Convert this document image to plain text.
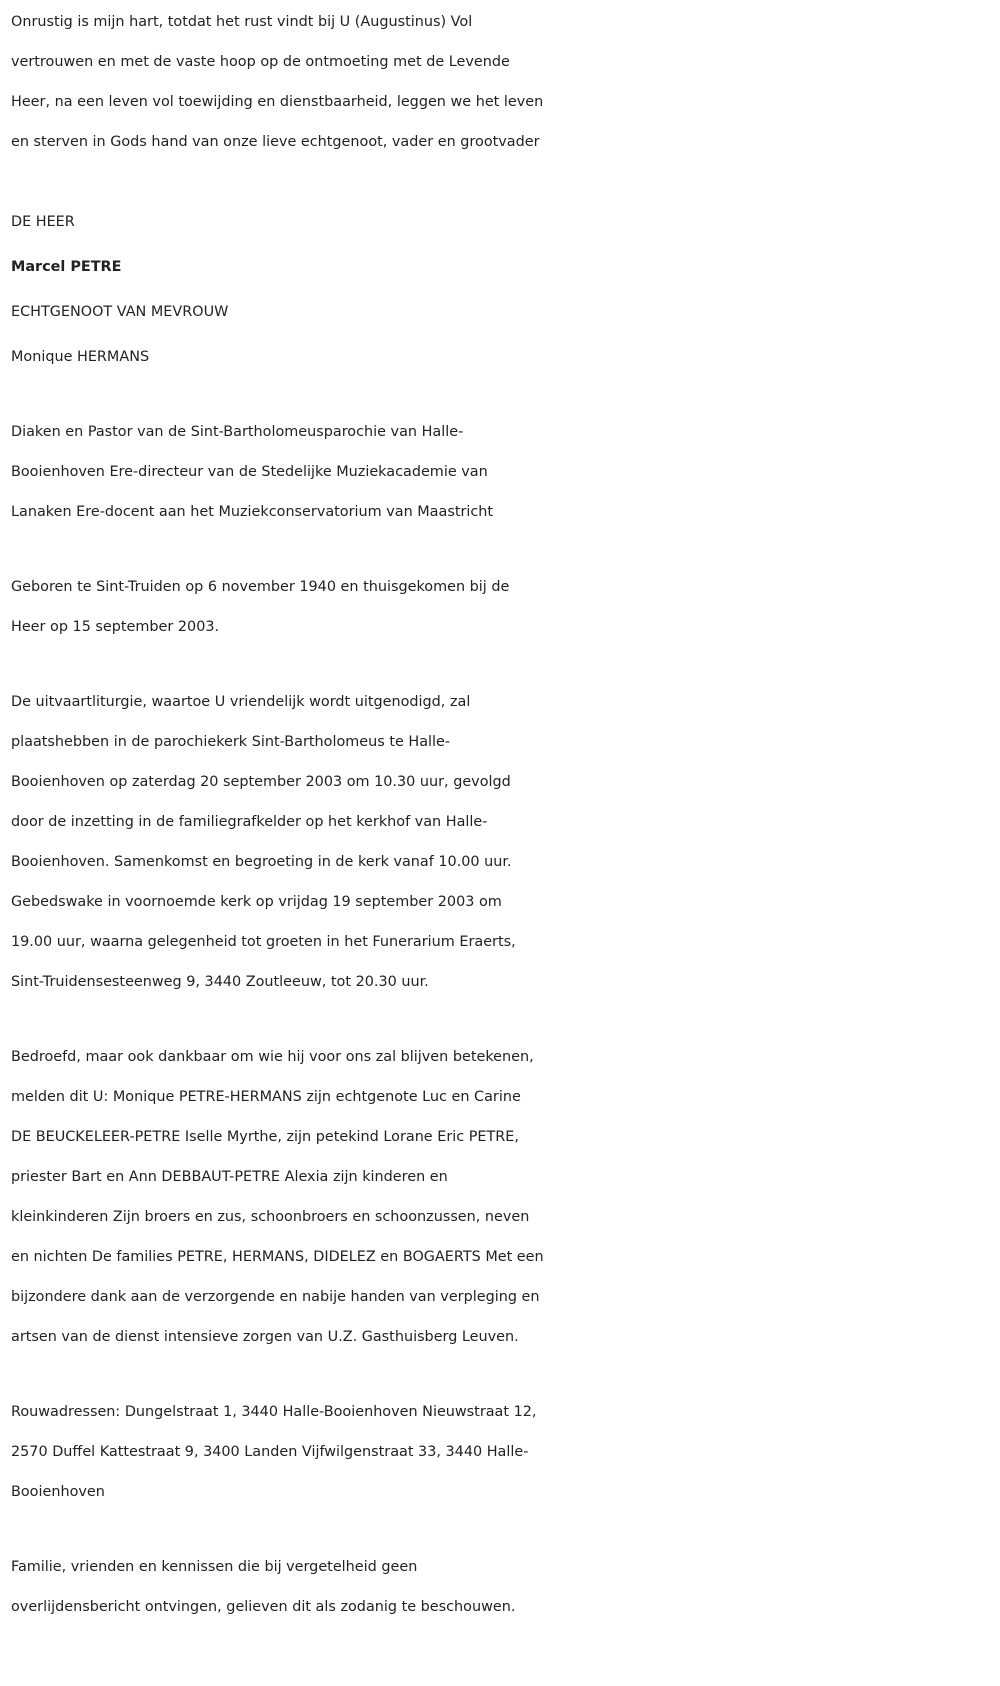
Onrustig is mijn hart, totdat het rust vindt bij U (Augustinus) Vol
vertrouwen en met de vaste hoop op de ontmoeting met de Levende
Heer, na een leven vol toewijding en dienstbaarheid, leggen we het leven
en sterven in Gods hand van onze lieve echtgenoot, vader en grootvader
DE HEER
Marcel PETRE
ECHTGENOOT VAN MEVROUW
Monique HERMANS
Diaken en Pastor van de Sint-Bartholomeusparochie van Halle-
Booienhoven Ere-directeur van de Stedelijke Muziekacademie van
Lanaken Ere-docent aan het Muziekconservatorium van Maastricht
Geboren te Sint-Truiden op 6 november 1940 en thuisgekomen bij de
Heer op 15 september 2003.
De uitvaartliturgie, waartoe U vriendelijk wordt uitgenodigd, zal
plaatshebben in de parochiekerk Sint-Bartholomeus te Halle-
Booienhoven op zaterdag 20 september 2003 om 10.30 uur, gevolgd
door de inzetting in de familiegrafkelder op het kerkhof van Halle-
Booienhoven. Samenkomst en begroeting in de kerk vanaf 10.00 uur.
Gebedswake in voornoemde kerk op vrijdag 19 september 2003 om
19.00 uur, waarna gelegenheid tot groeten in het Funerarium Eraerts,
Sint-Truidensesteenweg 9, 3440 Zoutleeuw, tot 20.30 uur.
Bedroefd, maar ook dankbaar om wie hij voor ons zal blijven betekenen,
melden dit U: Monique PETRE-HERMANS zijn echtgenote Luc en Carine
DE BEUCKELEER-PETRE Iselle Myrthe, zijn petekind Lorane Eric PETRE,
priester Bart en Ann DEBBAUT-PETRE Alexia zijn kinderen en
kleinkinderen Zijn broers en zus, schoonbroers en schoonzussen, neven
en nichten De families PETRE, HERMANS, DIDELEZ en BOGAERTS Met een
bijzondere dank aan de verzorgende en nabije handen van verpleging en
artsen van de dienst intensieve zorgen van U.Z. Gasthuisberg Leuven.
Rouwadressen: Dungelstraat 1, 3440 Halle-Booienhoven Nieuwstraat 12,
2570 Duffel Kattestraat 9, 3400 Landen Vijfwilgenstraat 33, 3440 Halle-
Booienhoven
Familie, vrienden en kennissen die bij vergetelheid geen
overlijdensbericht ontvingen, gelieven dit als zodanig te beschouwen.
